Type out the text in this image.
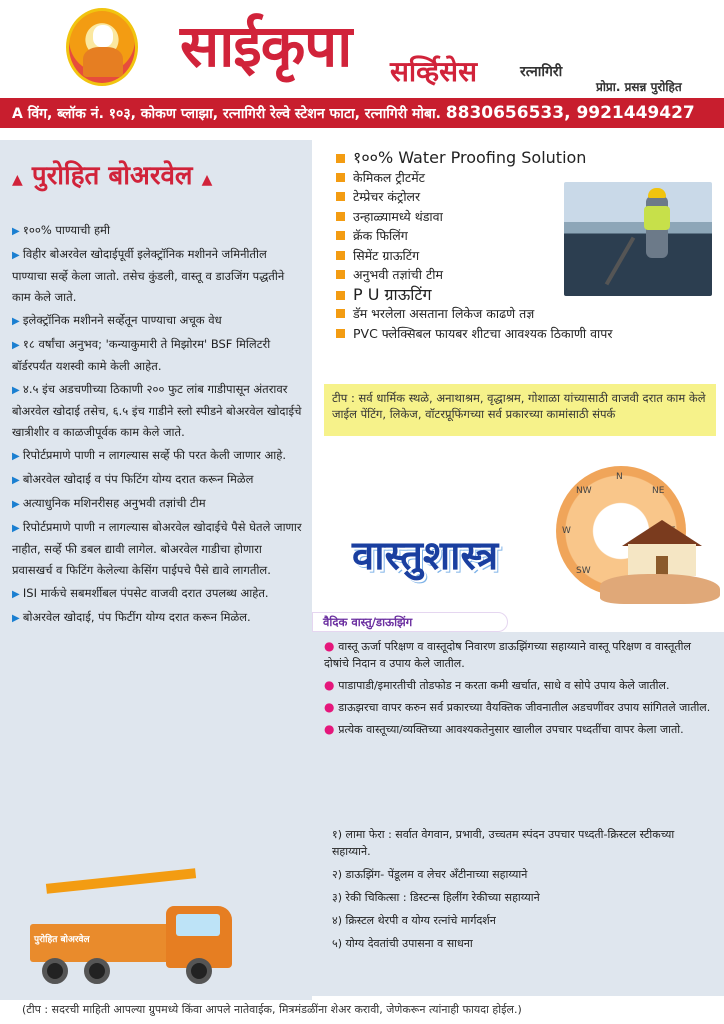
साईकृपा सर्व्हिसेस	रत्नागिरी
प्रोप्रा. प्रसन्न पुरोहित
A विंग, ब्लॉक नं. १०३, कोकण प्लाझा, रत्नागिरी रेल्वे स्टेशन फाटा, रत्नागिरी मोबा. 8830656533, 9921449427
▲ पुरोहित बोअरवेल ▲
▶ १००% पाण्याची हमी
▶ विहीर बोअरवेल खोदाईपूर्वी इलेक्ट्रॉनिक मशीनने जमिनीतील पाण्याचा सर्व्हे केला जातो. तसेच कुंडली, वास्तू व डाउजिंग पद्धतीने काम केले जाते.
▶ इलेक्ट्रॉनिक मशीनने सर्व्हेतून पाण्याचा अचूक वेध
▶ १८ वर्षांचा अनुभव; 'कन्याकुमारी ते मिझोरम' BSF मिलिटरी बॉर्डरपर्यंत यशस्वी कामे केली आहेत.
▶ ४.५ इंच अडचणीच्या ठिकाणी २०० फुट लांब गाडीपासून अंतरावर बोअरवेल खोदाई तसेच, ६.५ इंच गाडीने स्लो स्पीडने बोअरवेल खोदाईचे खात्रीशीर व काळजीपूर्वक काम केले जाते.
▶ रिपोर्टप्रमाणे पाणी न लागल्यास सर्व्हे फी परत केली जाणार आहे.
▶ बोअरवेल खोदाई व पंप फिटिंग योग्य दरात करून मिळेल
▶ अत्याधुनिक मशिनरीसह अनुभवी तज्ञांची टीम
▶ रिपोर्टप्रमाणे पाणी न लागल्यास बोअरवेल खोदाईचे पैसे घेतले जाणार नाहीत, सर्व्हे फी डबल द्यावी लागेल. बोअरवेल गाडीचा होणारा प्रवासखर्च व फिटिंग केलेल्या केसिंग पाईपचे पैसे द्यावे लागतील.
▶ ISI मार्कचे सबमर्शीबल पंपसेट वाजवी दरात उपलब्ध आहेत.
▶ बोअरवेल खोदाई, पंप फिटींग योग्य दरात करून मिळेल.
पुरोहित बोअरवेल
१००% Water Proofing Solution
केमिकल ट्रीटमेंट
टेम्प्रेचर कंट्रोलर
उन्हाळ्यामध्ये थंडावा
क्रॅक फिलिंग
सिमेंट ग्राऊटिंग
अनुभवी तज्ञांची टीम
P U ग्राऊटिंग
डॅम भरलेला असताना लिकेज काढणे तज्ञ
PVC फ्लेक्सिबल फायबर शीटचा आवश्यक ठिकाणी वापर
टीप : सर्व धार्मिक स्थळे, अनाथाश्रम, वृद्धाश्रम, गोशाळा यांच्यासाठी वाजवी दरात काम केले जाईल पेंटिंग, लिकेज, वॉटरप्रूफिंगच्या सर्व प्रकारच्या कामांसाठी संपर्क
N
NE
E
SW
W
NW
वास्तुशास्त्र
वैदिक वास्तु/डाऊझिंग
● वास्तू ऊर्जा परिक्षण व वास्तूदोष निवारण डाऊझिंगच्या सहाय्याने वास्तू परिक्षण व वास्तूतील दोषांचे निदान व उपाय केले जातील.
● पाडापाडी/इमारतीची तोडफोड न करता कमी खर्चात, साधे व सोपे उपाय केले जातील.
● डाऊझरचा वापर करुन सर्व प्रकारच्या वैयक्तिक जीवनातील अडचणींवर उपाय सांगितले जातील.
● प्रत्येक वास्तूच्या/व्यक्तिच्या आवश्यकतेनुसार खालील उपचार पध्दतींचा वापर केला जातो.
१) लामा फेरा : सर्वात वेगवान, प्रभावी, उच्चतम स्पंदन उपचार पध्दती-क्रिस्टल स्टीकच्या सहाय्याने.
२) डाऊझिंग- पेंडूलम व लेचर अँटीनाच्या सहाय्याने
३) रेकी चिकित्सा : डिस्टन्स हिलींग रेकीच्या सहाय्याने
४) क्रिस्टल थेरपी व योग्य रत्नांचे मार्गदर्शन
५) योग्य देवतांची उपासना व साधना
(टीप : सदरची माहिती आपल्या ग्रुपमध्ये किंवा आपले नातेवाईक, मित्रमंडळींना शेअर करावी, जेणेकरून त्यांनाही फायदा होईल.)
